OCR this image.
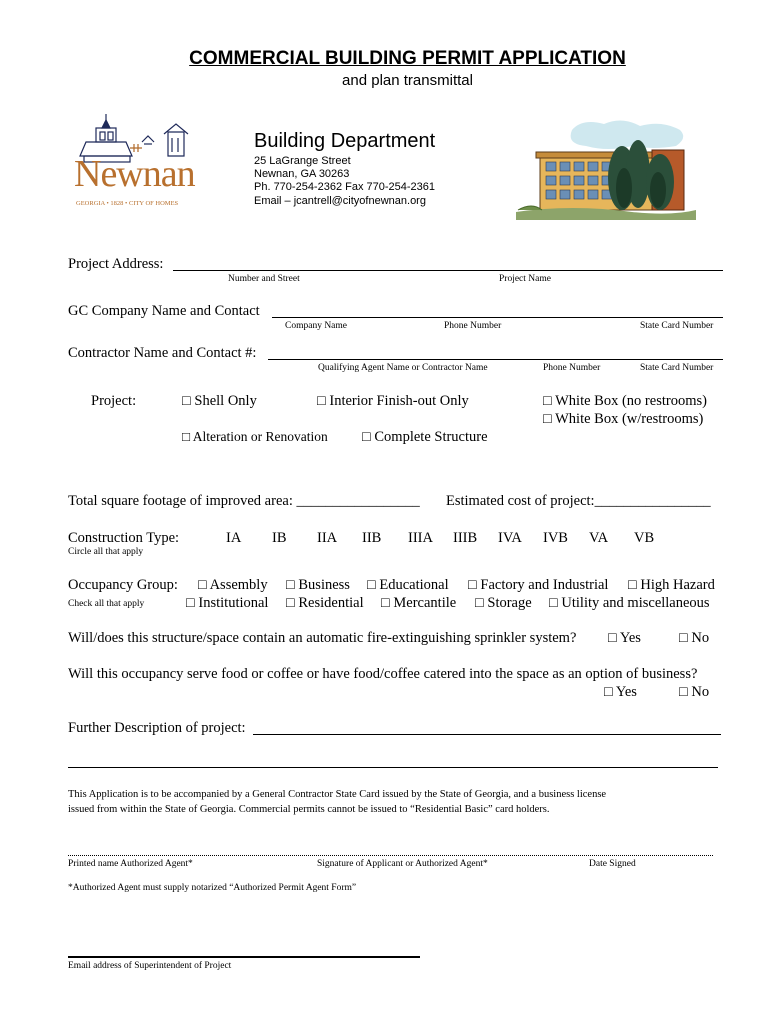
COMMERCIAL BUILDING PERMIT APPLICATION
and plan transmittal
Newnan
GEORGIA • 1828 • CITY OF HOMES
Building Department
25 LaGrange Street
Newnan, GA 30263
Ph. 770-254-2362 Fax 770-254-2361
Email – jcantrell@cityofnewnan.org
Project Address:
Number and Street	Project Name
GC Company Name and Contact
Company Name	Phone Number	State Card Number
Contractor Name and Contact #:
Qualifying Agent Name or Contractor Name	Phone Number	State Card Number
Project:	□ Shell Only	□ Interior Finish-out Only	□ White Box (no restrooms)
□ White Box (w/restrooms)
□ Alteration or Renovation □ Complete Structure
Total square footage of improved area: _________________ Estimated cost of project:________________
Construction Type:
Circle all that apply
IA IB IIA IIB IIIA IIIB IVA IVB VA VB
Occupancy Group:
Check all that apply
□ Assembly □ Business □ Educational □ Factory and Industrial □ High Hazard
□ Institutional □ Residential □ Mercantile □ Storage □ Utility and miscellaneous
Will/does this structure/space contain an automatic fire-extinguishing sprinkler system? □ Yes	□ No
Will this occupancy serve food or coffee or have food/coffee catered into the space as an option of business?
□ Yes	□ No
Further Description of project:
This Application is to be accompanied by a General Contractor State Card issued by the State of Georgia, and a business license
issued from within the State of Georgia. Commercial permits cannot be issued to “Residential Basic” card holders.
Printed name Authorized Agent*	Signature of Applicant or Authorized Agent*	Date Signed
*Authorized Agent must supply notarized “Authorized Permit Agent Form”
Email address of Superintendent of Project
